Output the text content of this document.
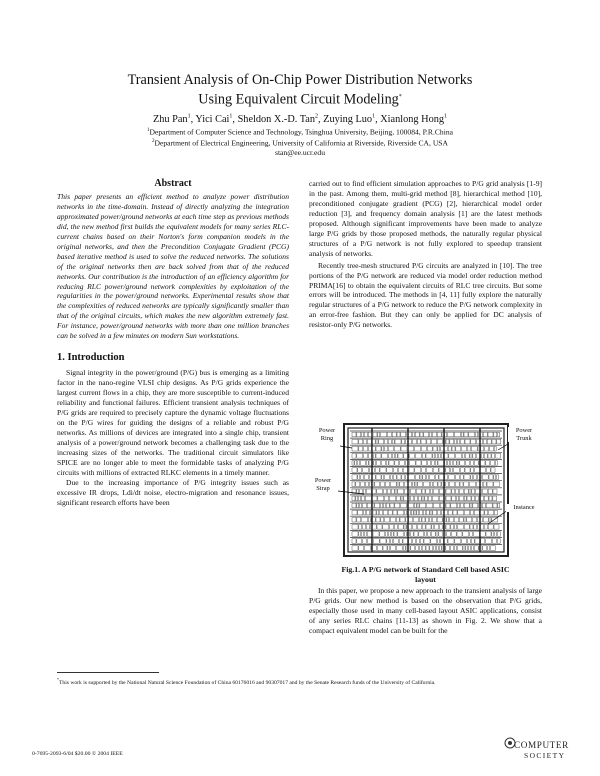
Transient Analysis of On-Chip Power Distribution Networks
Using Equivalent Circuit Modeling*
Zhu Pan$^1$, Yici Cai$^1$, Sheldon X.-D. Tan$^2$, Zuying Luo$^1$, Xianlong Hong$^1$
$^1$Department of Computer Science and Technology, Tsinghua University, Beijing, 100084, P.R.China
$^2$Department of Electrical Engineering, University of California at Riverside, Riverside CA, USA
stan@ee.ucr.edu
Abstract

This paper presents an efficient method to analyze power distribution networks in the time-domain. Instead of directly analyzing the integration approximated power/ground networks at each time step as previous methods did, the new method first builds the equivalent models for many series RLC-current chains based on their Norton's form companion models in the original networks, and then the Precondition Conjugate Gradient (PCG) based iterative method is used to solve the reduced networks. The solutions of the original networks then are back solved from that of the reduced networks. Our contribution is the introduction of an efficiency algorithm for reducing RLC power/ground network complexities by exploitation of the regularities in the power/ground networks. Experimental results show that the complexities of reduced networks are typically significantly smaller than that of the original circuits, which makes the new algorithm extremely fast. For instance, power/ground networks with more than one million branches can be solved in a few minutes on modern Sun workstations.

1. Introduction

Signal integrity in the power/ground (P/G) bus is emerging as a limiting factor in the nano-regine VLSI chip designs. As P/G grids experience the largest current flows in a chip, they are more susceptible to current-induced reliability and functional failures. Efficient transient analysis techniques of P/G grids are required to precisely capture the dynamic voltage fluctuations on the P/G wires for guiding the designs of a reliable and robust P/G networks. As millions of devices are integrated into a single chip, transient analysis of a power/ground network becomes a challenging task due to the increasing sizes of the networks. The traditional circuit simulators like SPICE are no longer able to meet the formidable tasks of analyzing P/G circuits with millions of extracted RLKC elements in a timely manner.

Due to the increasing importance of P/G integrity issues such as excessive IR drops, Ldi/dt noise, electro-migration and resonance issues, significant research efforts have been

carried out to find efficient simulation approaches to P/G grid analysis [1-9] in the past. Among them, multi-grid method [8], hierarchical method [10], preconditioned conjugate gradient (PCG) [2], hierarchical model order reduction [3], and frequency domain analysis [1] are the latest methods proposed. Although significant improvements have been made to analyze large P/G grids by those proposed methods, the naturally regular physical structures of a P/G network is not fully explored to speedup transient analysis of networks.

Recently tree-mesh structured P/G circuits are analyzed in [10]. The tree portions of the P/G network are reduced via model order reduction method PRIMA[16] to obtain the equivalent circuits of RLC tree circuits. But some errors will be introduced. The methods in [4, 11] fully explore the naturally regular structures of a P/G network to reduce the P/G network complexity in an error-free fashion. But they can only be applied for DC analysis of resistor-only P/G networks.

Power
Ring
Power
Trunk
Power
Strap
Instance
Fig.1. A P/G network of Standard Cell based ASIC
layout

In this paper, we propose a new approach to the transient analysis of large P/G grids. Our new method is based on the observation that P/G grids, especially those used in many cell-based layout ASIC applications, consist of any series RLC chains [11-13] as shown in Fig. 2. We show that a compact equivalent model can be built for the

*This work is supported by the National Natural Science Foundation of China 60176016 and 90307017 and by the Senate Research funds of the University of California.
0-7695-2093-6/04 $20.00 © 2004 IEEE
COMPUTER
SOCIETY
